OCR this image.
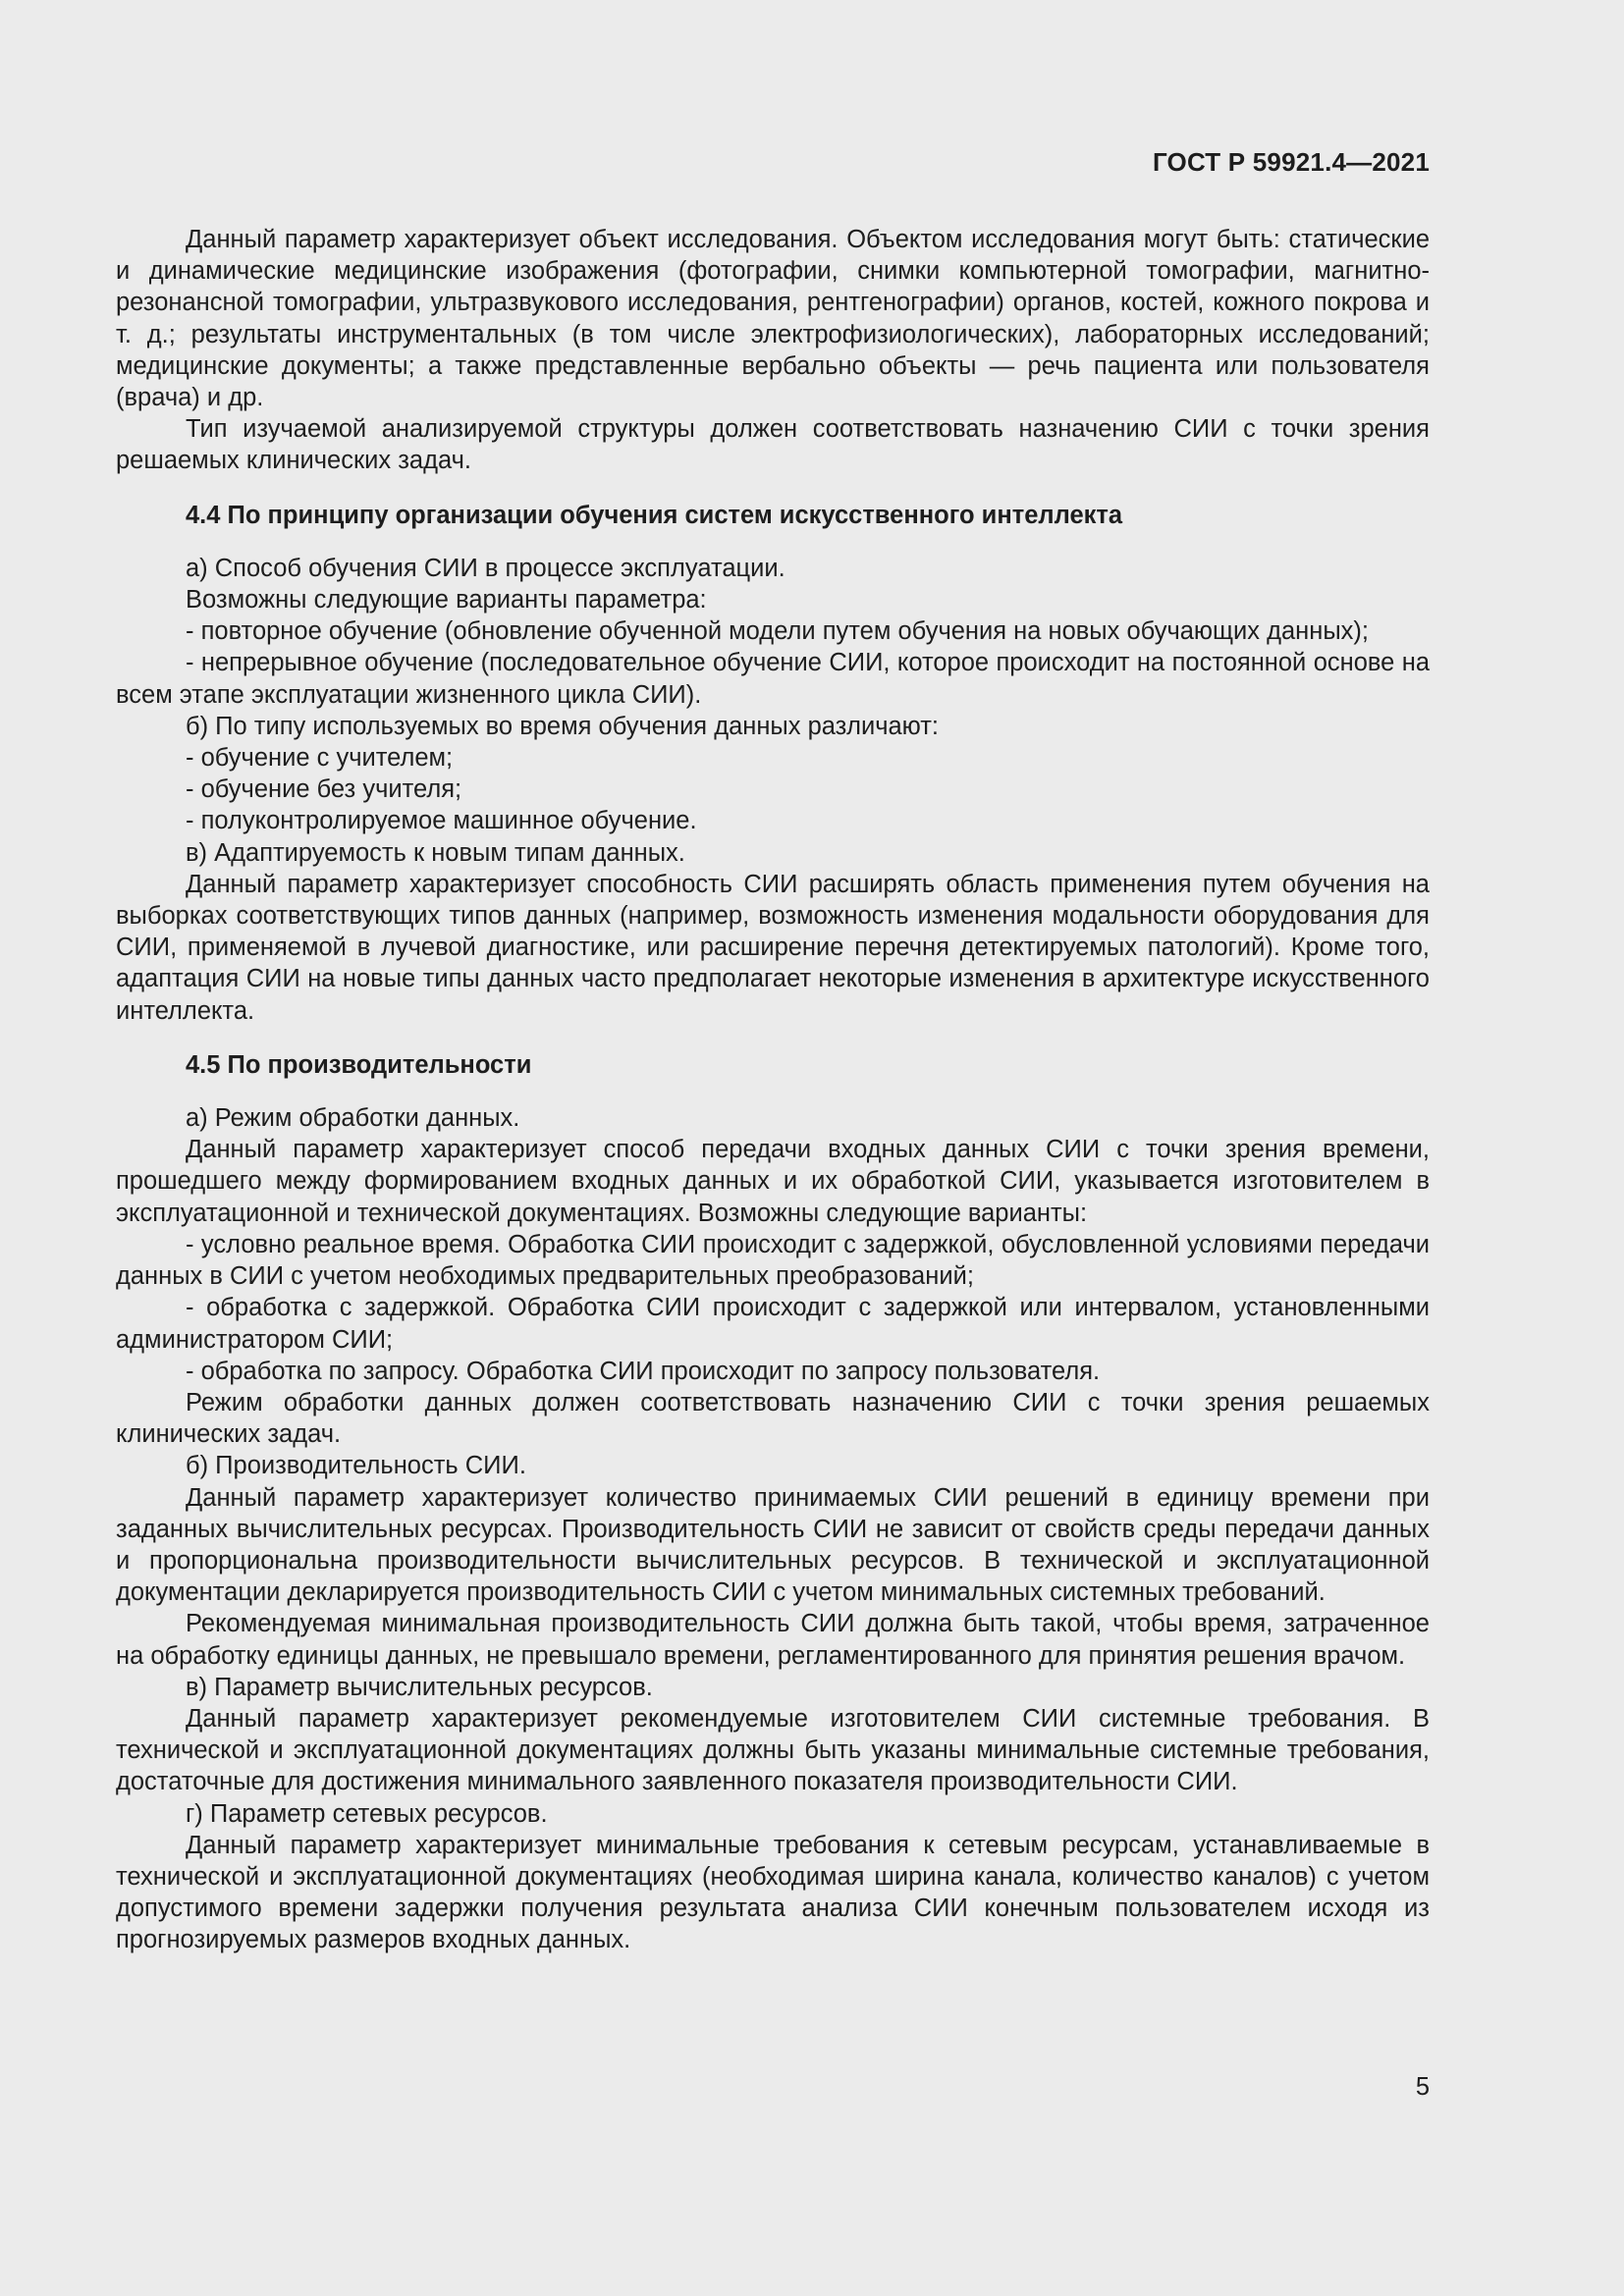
ГОСТ Р 59921.4—2021

Данный параметр характеризует объект исследования. Объектом исследования могут быть: статические и динамические медицинские изображения (фотографии, снимки компьютерной томографии, магнитно-резонансной томографии, ультразвукового исследования, рентгенографии) органов, костей, кожного покрова и т. д.; результаты инструментальных (в том числе электрофизиологических), лабораторных исследований; медицинские документы; а также представленные вербально объекты — речь пациента или пользователя (врача) и др.

Тип изучаемой анализируемой структуры должен соответствовать назначению СИИ с точки зрения решаемых клинических задач.

4.4 По принципу организации обучения систем искусственного интеллекта

а) Способ обучения СИИ в процессе эксплуатации.

Возможны следующие варианты параметра:

- повторное обучение (обновление обученной модели путем обучения на новых обучающих данных);

- непрерывное обучение (последовательное обучение СИИ, которое происходит на постоянной основе на всем этапе эксплуатации жизненного цикла СИИ).

б) По типу используемых во время обучения данных различают:

- обучение с учителем;

- обучение без учителя;

- полуконтролируемое машинное обучение.

в) Адаптируемость к новым типам данных.

Данный параметр характеризует способность СИИ расширять область применения путем обучения на выборках соответствующих типов данных (например, возможность изменения модальности оборудования для СИИ, применяемой в лучевой диагностике, или расширение перечня детектируемых патологий). Кроме того, адаптация СИИ на новые типы данных часто предполагает некоторые изменения в архитектуре искусственного интеллекта.

4.5 По производительности

а) Режим обработки данных.

Данный параметр характеризует способ передачи входных данных СИИ с точки зрения времени, прошедшего между формированием входных данных и их обработкой СИИ, указывается изготовителем в эксплуатационной и технической документациях. Возможны следующие варианты:

- условно реальное время. Обработка СИИ происходит с задержкой, обусловленной условиями передачи данных в СИИ с учетом необходимых предварительных преобразований;

- обработка с задержкой. Обработка СИИ происходит с задержкой или интервалом, установленными администратором СИИ;

- обработка по запросу. Обработка СИИ происходит по запросу пользователя.

Режим обработки данных должен соответствовать назначению СИИ с точки зрения решаемых клинических задач.

б) Производительность СИИ.

Данный параметр характеризует количество принимаемых СИИ решений в единицу времени при заданных вычислительных ресурсах. Производительность СИИ не зависит от свойств среды передачи данных и пропорциональна производительности вычислительных ресурсов. В технической и эксплуатационной документации декларируется производительность СИИ с учетом минимальных системных требований.

Рекомендуемая минимальная производительность СИИ должна быть такой, чтобы время, затраченное на обработку единицы данных, не превышало времени, регламентированного для принятия решения врачом.

в) Параметр вычислительных ресурсов.

Данный параметр характеризует рекомендуемые изготовителем СИИ системные требования. В технической и эксплуатационной документациях должны быть указаны минимальные системные требования, достаточные для достижения минимального заявленного показателя производительности СИИ.

г) Параметр сетевых ресурсов.

Данный параметр характеризует минимальные требования к сетевым ресурсам, устанавливаемые в технической и эксплуатационной документациях (необходимая ширина канала, количество каналов) с учетом допустимого времени задержки получения результата анализа СИИ конечным пользователем исходя из прогнозируемых размеров входных данных.

5
